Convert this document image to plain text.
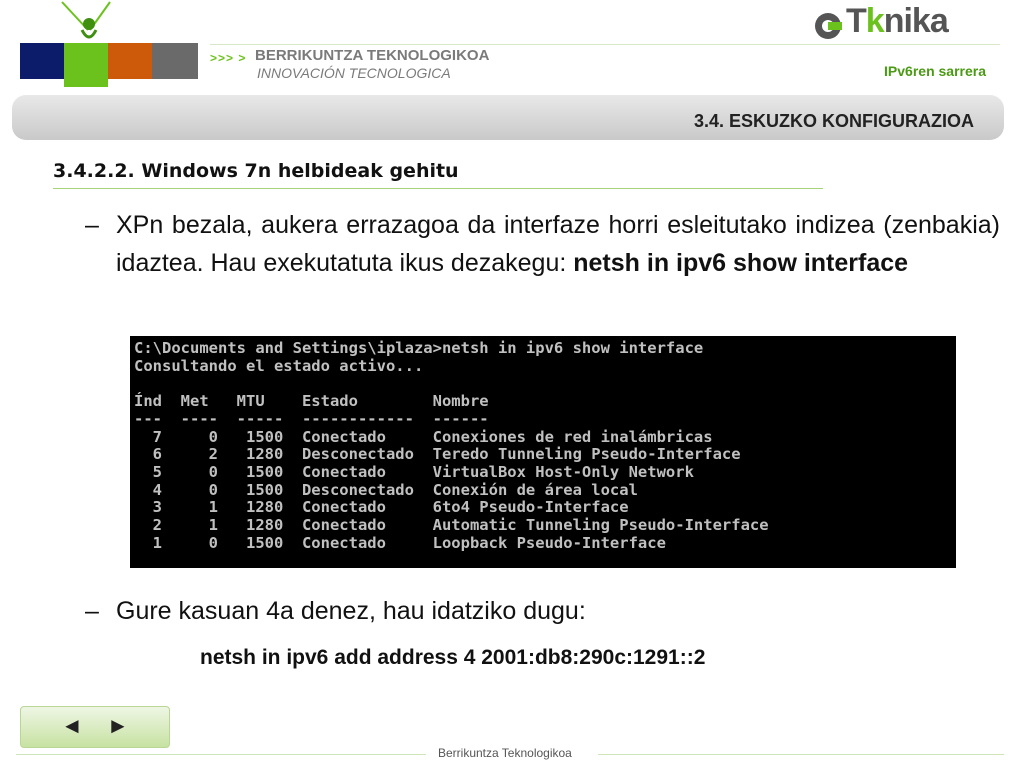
>>> > BERRIKUNTZA TEKNOLOGIKOA
INNOVACIÓN TECNOLOGICA
Tknika
IPv6ren sarrera
3.4. ESKUZKO KONFIGURAZIOA
3.4.2.2. Windows 7n helbideak gehitu
– XPn bezala, aukera errazagoa da interfaze horri esleitutako indizea (zenbakia) idaztea. Hau exekutatuta ikus dezakegu: netsh in ipv6 show interface
C:\Documents and Settings\iplaza>netsh in ipv6 show interface
Consultando el estado activo...

Índ  Met   MTU    Estado        Nombre
---  ----  -----  ------------  ------
7     0   1500  Conectado     Conexiones de red inalámbricas
6     2   1280  Desconectado  Teredo Tunneling Pseudo-Interface
5     0   1500  Conectado     VirtualBox Host-Only Network
4     0   1500  Desconectado  Conexión de área local
3     1   1280  Conectado     6to4 Pseudo-Interface
2     1   1280  Conectado     Automatic Tunneling Pseudo-Interface
1     0   1500  Conectado     Loopback Pseudo-Interface
– Gure kasuan 4a denez, hau idatziko dugu:
netsh in ipv6 add address 4 2001:db8:290c:1291::2
◄ ►
Berrikuntza Teknologikoa
